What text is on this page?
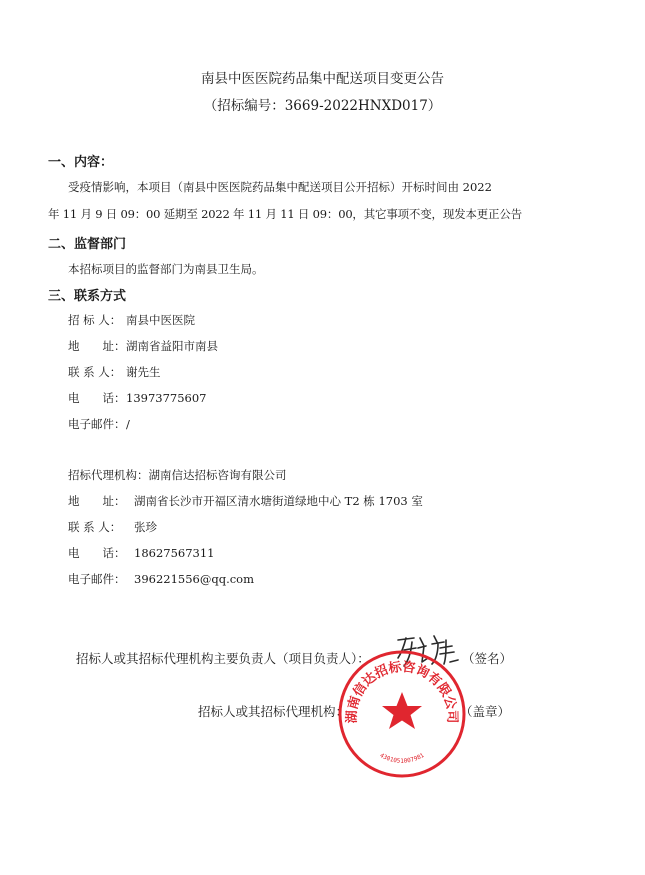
南县中医医院药品集中配送项目变更公告
（招标编号：3669-2022HNXD017）
一、内容：
受疫情影响，本项目（南县中医医院药品集中配送项目公开招标）开标时间由 2022
年 11 月 9 日 09：00 延期至 2022 年 11 月 11 日 09：00，其它事项不变，现发本更正公告
二、监督部门
本招标项目的监督部门为南县卫生局。
三、联系方式
招 标 人： 南县中医医院
地　　址：湖南省益阳市南县
联 系 人： 谢先生
电　　话：13973775607
电子邮件：/
招标代理机构：湖南信达招标咨询有限公司
地　　址： 湖南省长沙市开福区清水塘街道绿地中心 T2 栋 1703 室
联 系 人： 张珍
电　　话： 18627567311
电子邮件： 396221556@qq.com
招标人或其招标代理机构主要负责人（项目负责人）：	（签名）
招标人或其招标代理机构：	（盖章）
湖南信达招标咨询有限公司
4301051007981
